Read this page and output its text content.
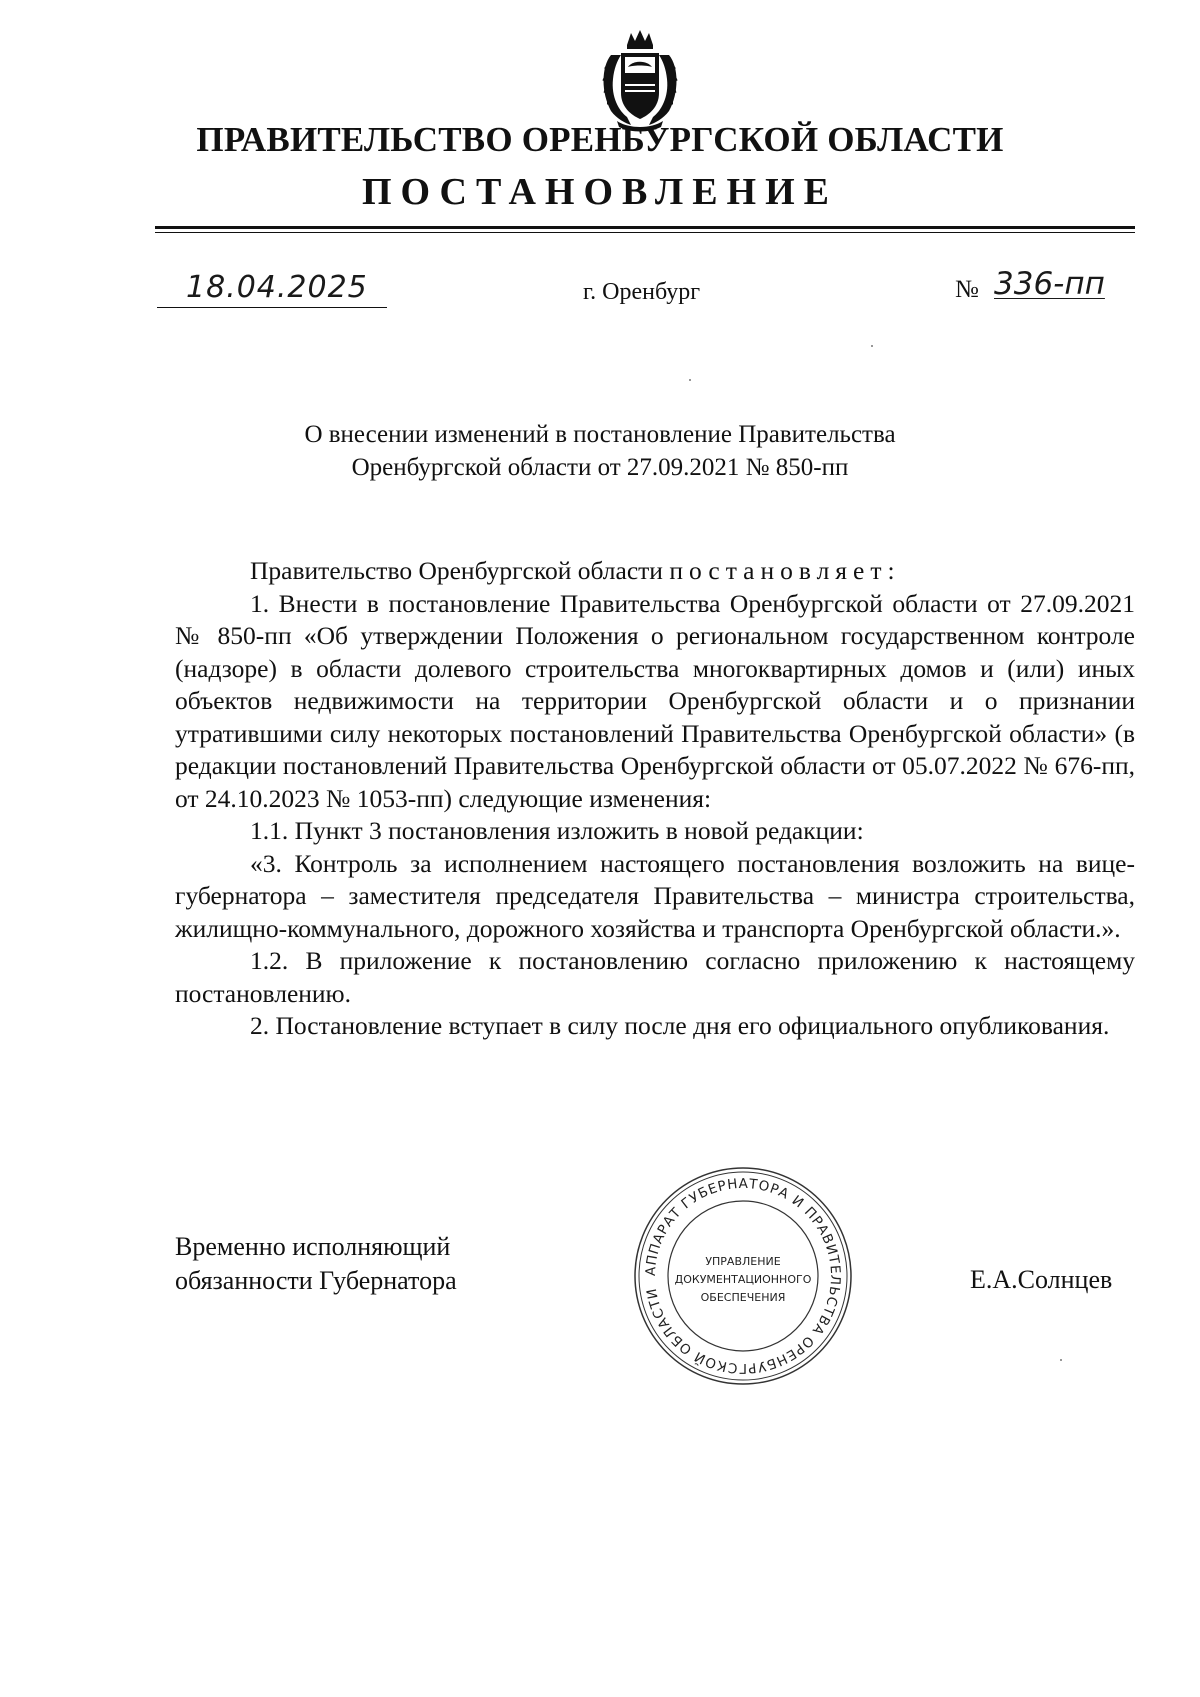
ПРАВИТЕЛЬСТВО ОРЕНБУРГСКОЙ ОБЛАСТИ
ПОСТАНОВЛЕНИЕ
18.04.2025	г. Оренбург	№ 336-пп
О внесении изменений в постановление Правительства
Оренбургской области от 27.09.2021 № 850-пп

Правительство Оренбургской области постановляет:

1. Внести в постановление Правительства Оренбургской области от 27.09.2021 № 850-пп «Об утверждении Положения о региональном государственном контроле (надзоре) в области долевого строительства многоквартирных домов и (или) иных объектов недвижимости на территории Оренбургской области и о признании утратившими силу некоторых постановлений Правительства Оренбургской области» (в редакции постановлений Правительства Оренбургской области от 05.07.2022 № 676-пп, от 24.10.2023 № 1053-пп) следующие изменения:

1.1. Пункт 3 постановления изложить в новой редакции:

«3. Контроль за исполнением настоящего постановления возложить на вице-губернатора – заместителя председателя Правительства – министра строительства, жилищно-коммунального, дорожного хозяйства и транспорта Оренбургской области.».

1.2. В приложение к постановлению согласно приложению к настоящему постановлению.

2. Постановление вступает в силу после дня его официального опубликования.

Временно исполняющий
обязанности Губернатора	Е.А.Солнцев
АППАРАТ ГУБЕРНАТОРА И ПРАВИТЕЛЬСТВА ОРЕНБУРГСКОЙ ОБЛАСТИ
УПРАВЛЕНИЕ
ДОКУМЕНТАЦИОННОГО
ОБЕСПЕЧЕНИЯ
